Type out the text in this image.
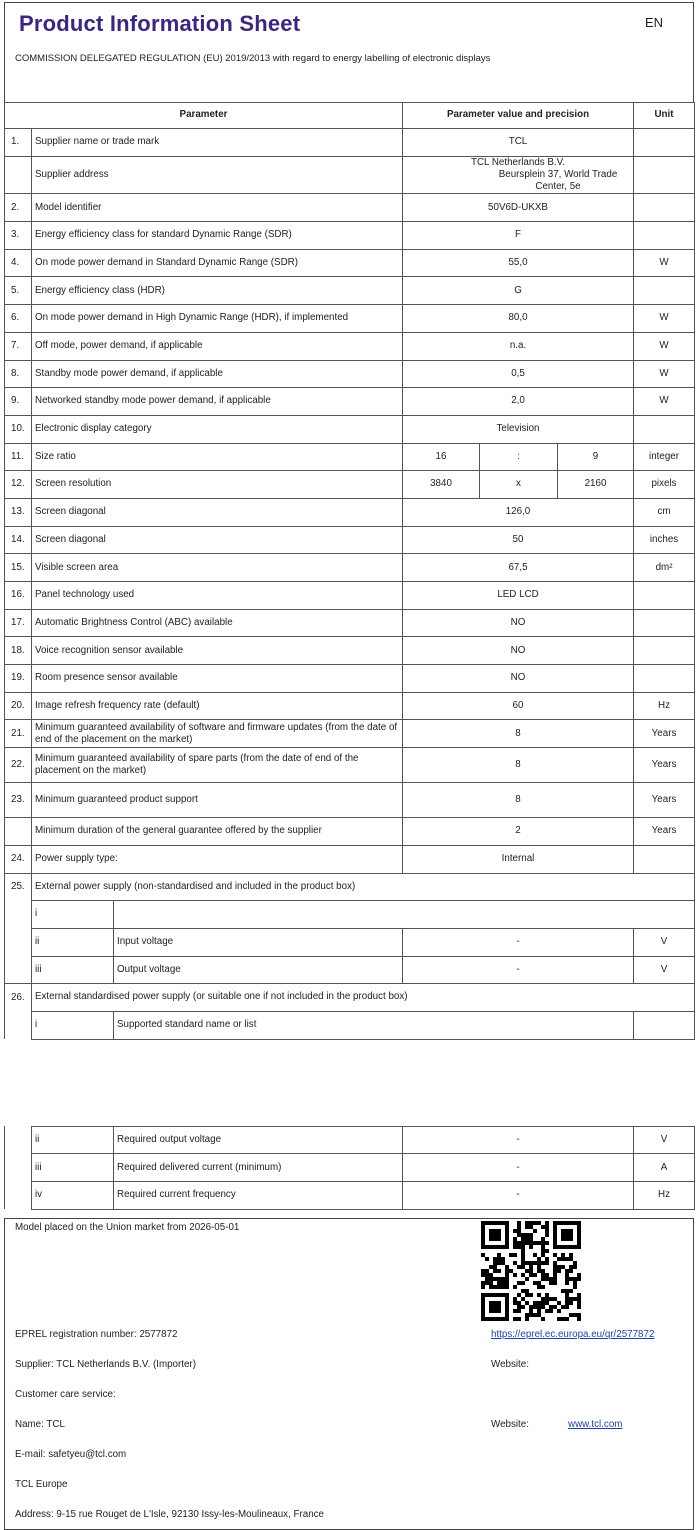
Product Information Sheet	EN
COMMISSION DELEGATED REGULATION (EU) 2019/2013 with regard to energy labelling of electronic displays
Parameter			Parameter value and precision			Unit
1.	Supplier name or trade mark		TCL			
	Supplier address		TCL Netherlands B.V.
Beursplein 37, World Trade Center, 5e			

2.	Model identifier		50V6D-UKXB			
3.	Energy efficiency class for standard Dynamic Range (SDR)		F			
4.	On mode power demand in Standard Dynamic Range (SDR)		55,0			W
5.	Energy efficiency class (HDR)		G			
6.	On mode power demand in High Dynamic Range (HDR), if implemented		80,0			W
7.	Off mode, power demand, if applicable		n.a.			W
8.	Standby mode power demand, if applicable		0,5			W
9.	Networked standby mode power demand, if applicable		2,0			W
10.	Electronic display category		Television			
11.	Size ratio		16	:	9	integer
12.	Screen resolution		3840	x	2160	pixels
13.	Screen diagonal		126,0			cm
14.	Screen diagonal		50			inches
15.	Visible screen area		67,5			dm²
16.	Panel technology used		LED LCD			
17.	Automatic Brightness Control (ABC) available		NO			
18.	Voice recognition sensor available		NO			
19.	Room presence sensor available		NO			
20.	Image refresh frequency rate (default)		60			Hz
21.	Minimum guaranteed availability of software and firmware updates (from the date of end of the placement on the market)		8			Years
22.	Minimum guaranteed availability of spare parts (from the date of end of the placement on the market)		8			Years
23.	Minimum guaranteed product support		8			Years
	Minimum duration of the general guarantee offered by the supplier		2			Years
24.	Power supply type:		Internal			
25.	External power supply (non-standardised and included in the product box)					
	i					
	ii	Input voltage	-			V
	iii	Output voltage	-			V
26.	External standardised power supply (or suitable one if not included in the product box)					
	i	Supported standard name or list				
	ii	Required output voltage	-	V
	iii	Required delivered current (minimum)	-	A
	iv	Required current frequency	-	Hz
Model placed on the Union market from 2026-05-01
EPREL registration number: 2577872	https://eprel.ec.europa.eu/qr/2577872
Supplier: TCL Netherlands B.V. (Importer)	Website:
Customer care service:
Name: TCL	Website:	www.tcl.com
E-mail: safetyeu@tcl.com
TCL Europe
Address: 9-15 rue Rouget de L'Isle, 92130 Issy-les-Moulineaux, France
